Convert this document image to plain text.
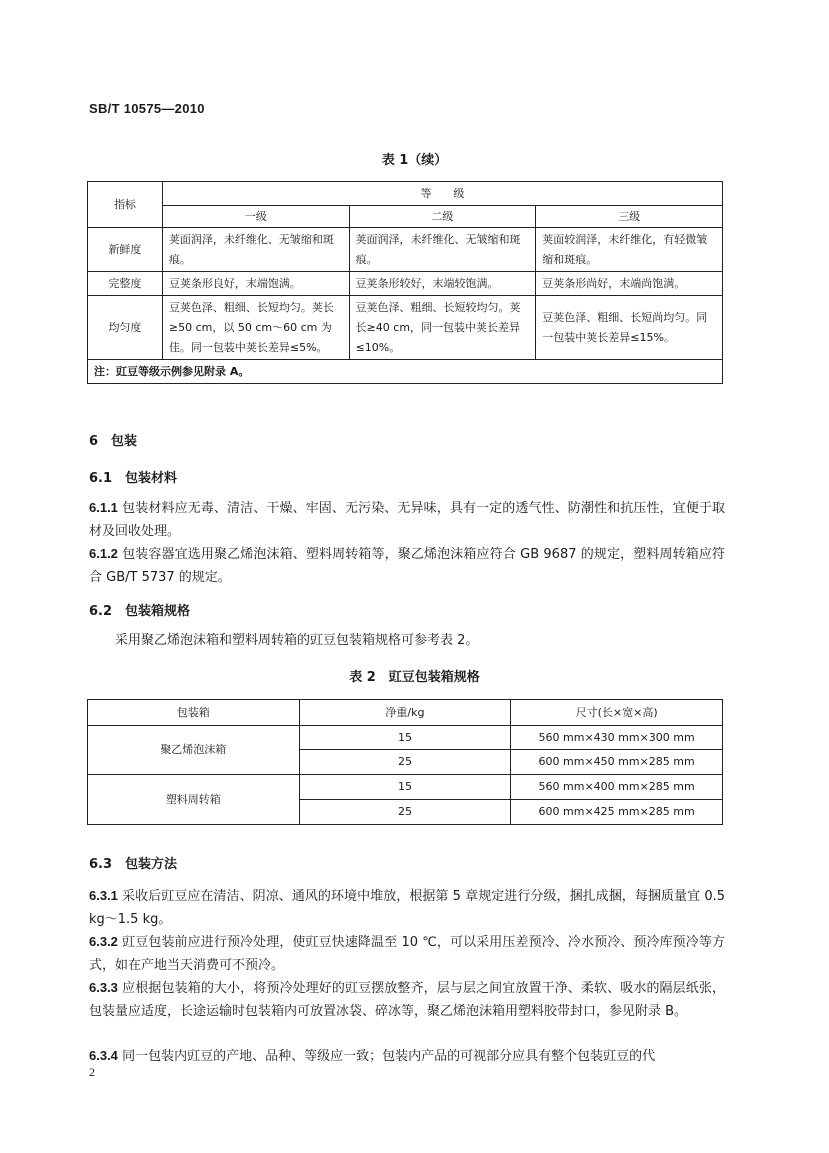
SB/T 10575—2010
表 1（续）
指标	等　　级		
	一级	二级	三级
新鲜度	荚面润泽，未纤维化、无皱缩和斑痕。	荚面润泽，未纤维化、无皱缩和斑痕。	荚面较润泽，未纤维化，有轻微皱缩和斑痕。
完整度	豆荚条形良好，末端饱满。	豆荚条形较好，末端较饱满。	豆荚条形尚好，末端尚饱满。
均匀度	豆荚色泽、粗细、长短均匀。荚长≥50 cm，以 50 cm～60 cm 为佳。同一包装中荚长差异≤5%。	豆荚色泽、粗细、长短较均匀。荚长≥40 cm，同一包装中荚长差异≤10%。	豆荚色泽、粗细、长短尚均匀。同一包装中荚长差异≤15%。
注：豇豆等级示例参见附录 A。			
6　包装
6.1　包装材料
6.1.1 包装材料应无毒、清洁、干燥、牢固、无污染、无异味，具有一定的透气性、防潮性和抗压性，宜便于取材及回收处理。
6.1.2 包装容器宜选用聚乙烯泡沫箱、塑料周转箱等，聚乙烯泡沫箱应符合 GB 9687 的规定，塑料周转箱应符合 GB/T 5737 的规定。
6.2　包装箱规格
采用聚乙烯泡沫箱和塑料周转箱的豇豆包装箱规格可参考表 2。
表 2　豇豆包装箱规格
包装箱	净重/kg	尺寸(长×宽×高)
聚乙烯泡沫箱	15	560 mm×430 mm×300 mm
	25	600 mm×450 mm×285 mm
塑料周转箱	15	560 mm×400 mm×285 mm
	25	600 mm×425 mm×285 mm
6.3　包装方法
6.3.1 采收后豇豆应在清洁、阴凉、通风的环境中堆放，根据第 5 章规定进行分级，捆扎成捆，每捆质量宜 0.5 kg～1.5 kg。
6.3.2 豇豆包装前应进行预冷处理，使豇豆快速降温至 10 ℃，可以采用压差预冷、冷水预冷、预冷库预冷等方式，如在产地当天消费可不预冷。
6.3.3 应根据包装箱的大小，将预冷处理好的豇豆摆放整齐，层与层之间宜放置干净、柔软、吸水的隔层纸张，包装量应适度，长途运输时包装箱内可放置冰袋、碎冰等，聚乙烯泡沫箱用塑料胶带封口，参见附录 B。
6.3.4 同一包装内豇豆的产地、品种、等级应一致；包装内产品的可视部分应具有整个包装豇豆的代
2
